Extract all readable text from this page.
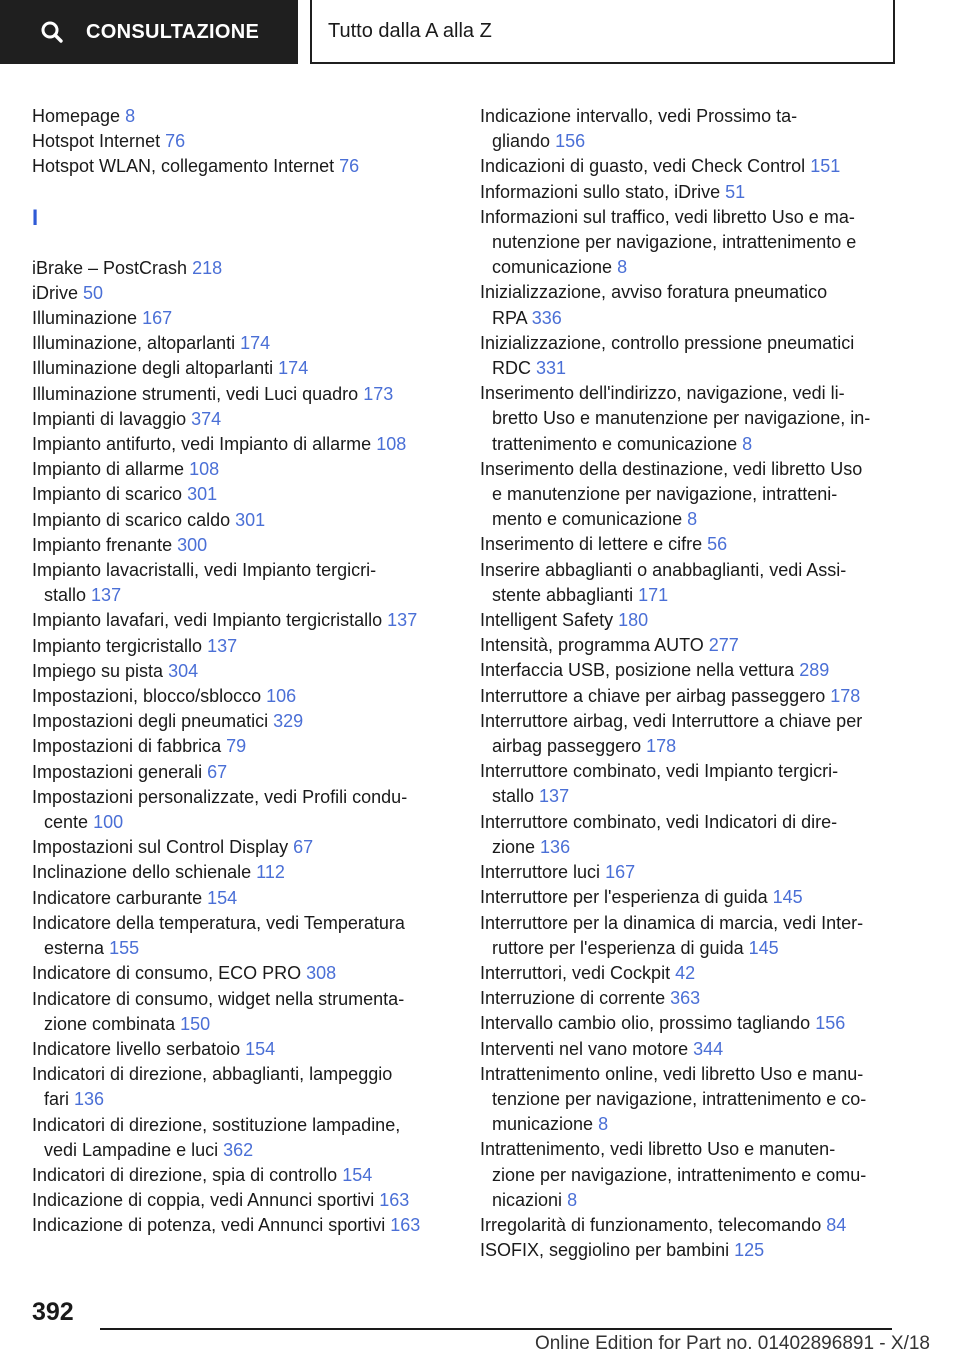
CONSULTAZIONE	Tutto dalla A alla Z
Homepage 8
Hotspot Internet 76
Hotspot WLAN, collegamento Internet 76
I
iBrake – PostCrash 218
iDrive 50
Illuminazione 167
Illuminazione, altoparlanti 174
Illuminazione degli altoparlanti 174
Illuminazione strumenti, vedi Luci quadro 173
Impianti di lavaggio 374
Impianto antifurto, vedi Impianto di allarme 108
Impianto di allarme 108
Impianto di scarico 301
Impianto di scarico caldo 301
Impianto frenante 300
Impianto lavacristalli, vedi Impianto tergicri-
stallo 137
Impianto lavafari, vedi Impianto tergicristallo 137
Impianto tergicristallo 137
Impiego su pista 304
Impostazioni, blocco/sblocco 106
Impostazioni degli pneumatici 329
Impostazioni di fabbrica 79
Impostazioni generali 67
Impostazioni personalizzate, vedi Profili condu-
cente 100
Impostazioni sul Control Display 67
Inclinazione dello schienale 112
Indicatore carburante 154
Indicatore della temperatura, vedi Temperatura
esterna 155
Indicatore di consumo, ECO PRO 308
Indicatore di consumo, widget nella strumenta-
zione combinata 150
Indicatore livello serbatoio 154
Indicatori di direzione, abbaglianti, lampeggio
fari 136
Indicatori di direzione, sostituzione lampadine,
vedi Lampadine e luci 362
Indicatori di direzione, spia di controllo 154
Indicazione di coppia, vedi Annunci sportivi 163
Indicazione di potenza, vedi Annunci sportivi 163
Indicazione intervallo, vedi Prossimo ta-
gliando 156
Indicazioni di guasto, vedi Check Control 151
Informazioni sullo stato, iDrive 51
Informazioni sul traffico, vedi libretto Uso e ma-
nutenzione per navigazione, intrattenimento e
comunicazione 8
Inizializzazione, avviso foratura pneumatico
RPA 336
Inizializzazione, controllo pressione pneumatici
RDC 331
Inserimento dell'indirizzo, navigazione, vedi li-
bretto Uso e manutenzione per navigazione, in-
trattenimento e comunicazione 8
Inserimento della destinazione, vedi libretto Uso
e manutenzione per navigazione, intratteni-
mento e comunicazione 8
Inserimento di lettere e cifre 56
Inserire abbaglianti o anabbaglianti, vedi Assi-
stente abbaglianti 171
Intelligent Safety 180
Intensità, programma AUTO 277
Interfaccia USB, posizione nella vettura 289
Interruttore a chiave per airbag passeggero 178
Interruttore airbag, vedi Interruttore a chiave per
airbag passeggero 178
Interruttore combinato, vedi Impianto tergicri-
stallo 137
Interruttore combinato, vedi Indicatori di dire-
zione 136
Interruttore luci 167
Interruttore per l'esperienza di guida 145
Interruttore per la dinamica di marcia, vedi Inter-
ruttore per l'esperienza di guida 145
Interruttori, vedi Cockpit 42
Interruzione di corrente 363
Intervallo cambio olio, prossimo tagliando 156
Interventi nel vano motore 344
Intrattenimento online, vedi libretto Uso e manu-
tenzione per navigazione, intrattenimento e co-
municazione 8
Intrattenimento, vedi libretto Uso e manuten-
zione per navigazione, intrattenimento e comu-
nicazioni 8
Irregolarità di funzionamento, telecomando 84
ISOFIX, seggiolino per bambini 125
392
Online Edition for Part no. 01402896891 - X/18
